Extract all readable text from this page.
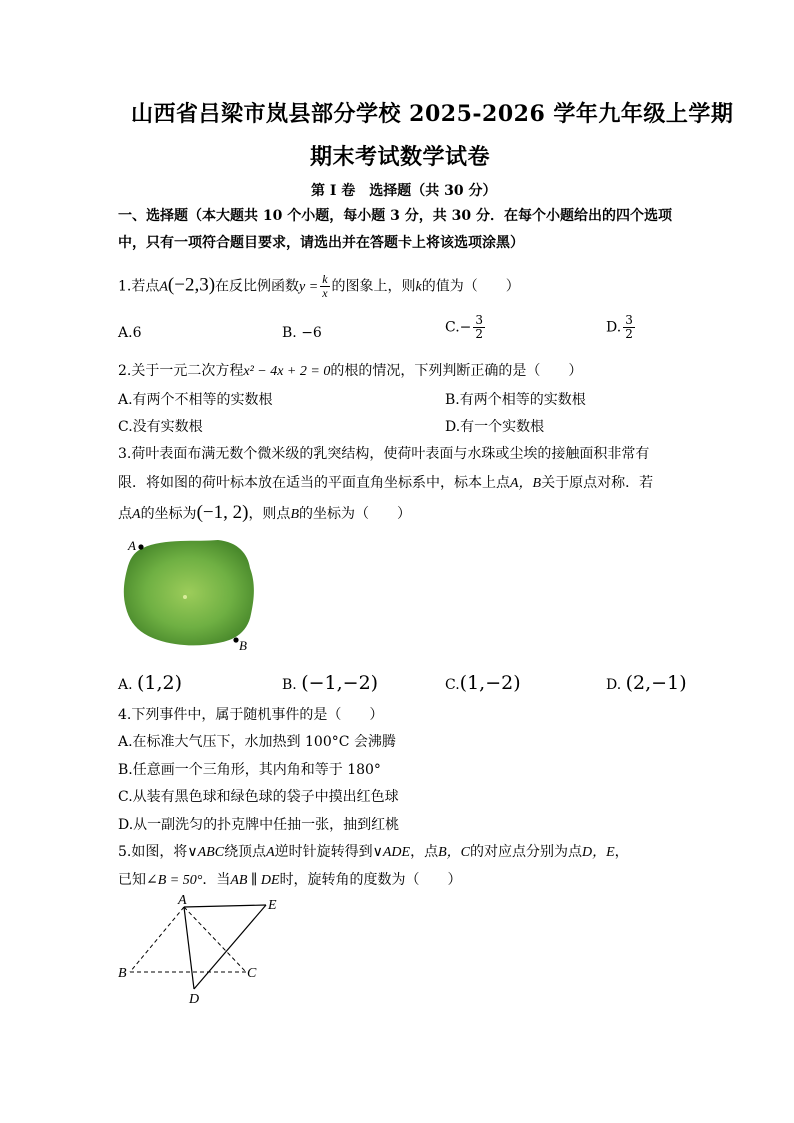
山西省吕梁市岚县部分学校 2025-2026 学年九年级上学期
期末考试数学试卷
第 I 卷　选择题（共 30 分）
一、选择题（本大题共 10 个小题，每小题 3 分，共 30 分．在每个小题给出的四个选项
中，只有一项符合题目要求，请选出并在答题卡上将该选项涂黑）
1.若点A(−2,3)在反比例函数$y = \frac{k}{x}$ 的图象上，则k的值为（　　）
A.6	B. −6	$C.- \frac{3}{2}$	D. $\frac{3}{2}$
2.关于一元二次方程x² − 4x + 2 = 0的根的情况，下列判断正确的是（　　）
A.有两个不相等的实数根	B.有两个相等的实数根
C.没有实数根	D.有一个实数根
3.荷叶表面布满无数个微米级的乳突结构，使荷叶表面与水珠或尘埃的接触面积非常有
限．将如图的荷叶标本放在适当的平面直角坐标系中，标本上点A，B关于原点对称．若
点A的坐标为(−1, 2)，则点B的坐标为（　　）
A
B
A. (1,2)	B. (−1,−2)	C.(1,−2)	D. (2,−1)
4.下列事件中，属于随机事件的是（　　）
A.在标准大气压下，水加热到 100°C 会沸腾
B.任意画一个三角形，其内角和等于 180°
C.从装有黑色球和绿色球的袋子中摸出红色球
D.从一副洗匀的扑克牌中任抽一张，抽到红桃
5.如图，将∨ABC绕顶点A逆时针旋转得到∨ADE，点B，C的对应点分别为点D，E，
已知∠B = 50°．当AB ∥ DE时，旋转角的度数为（　　）
A
B	C
D
E
